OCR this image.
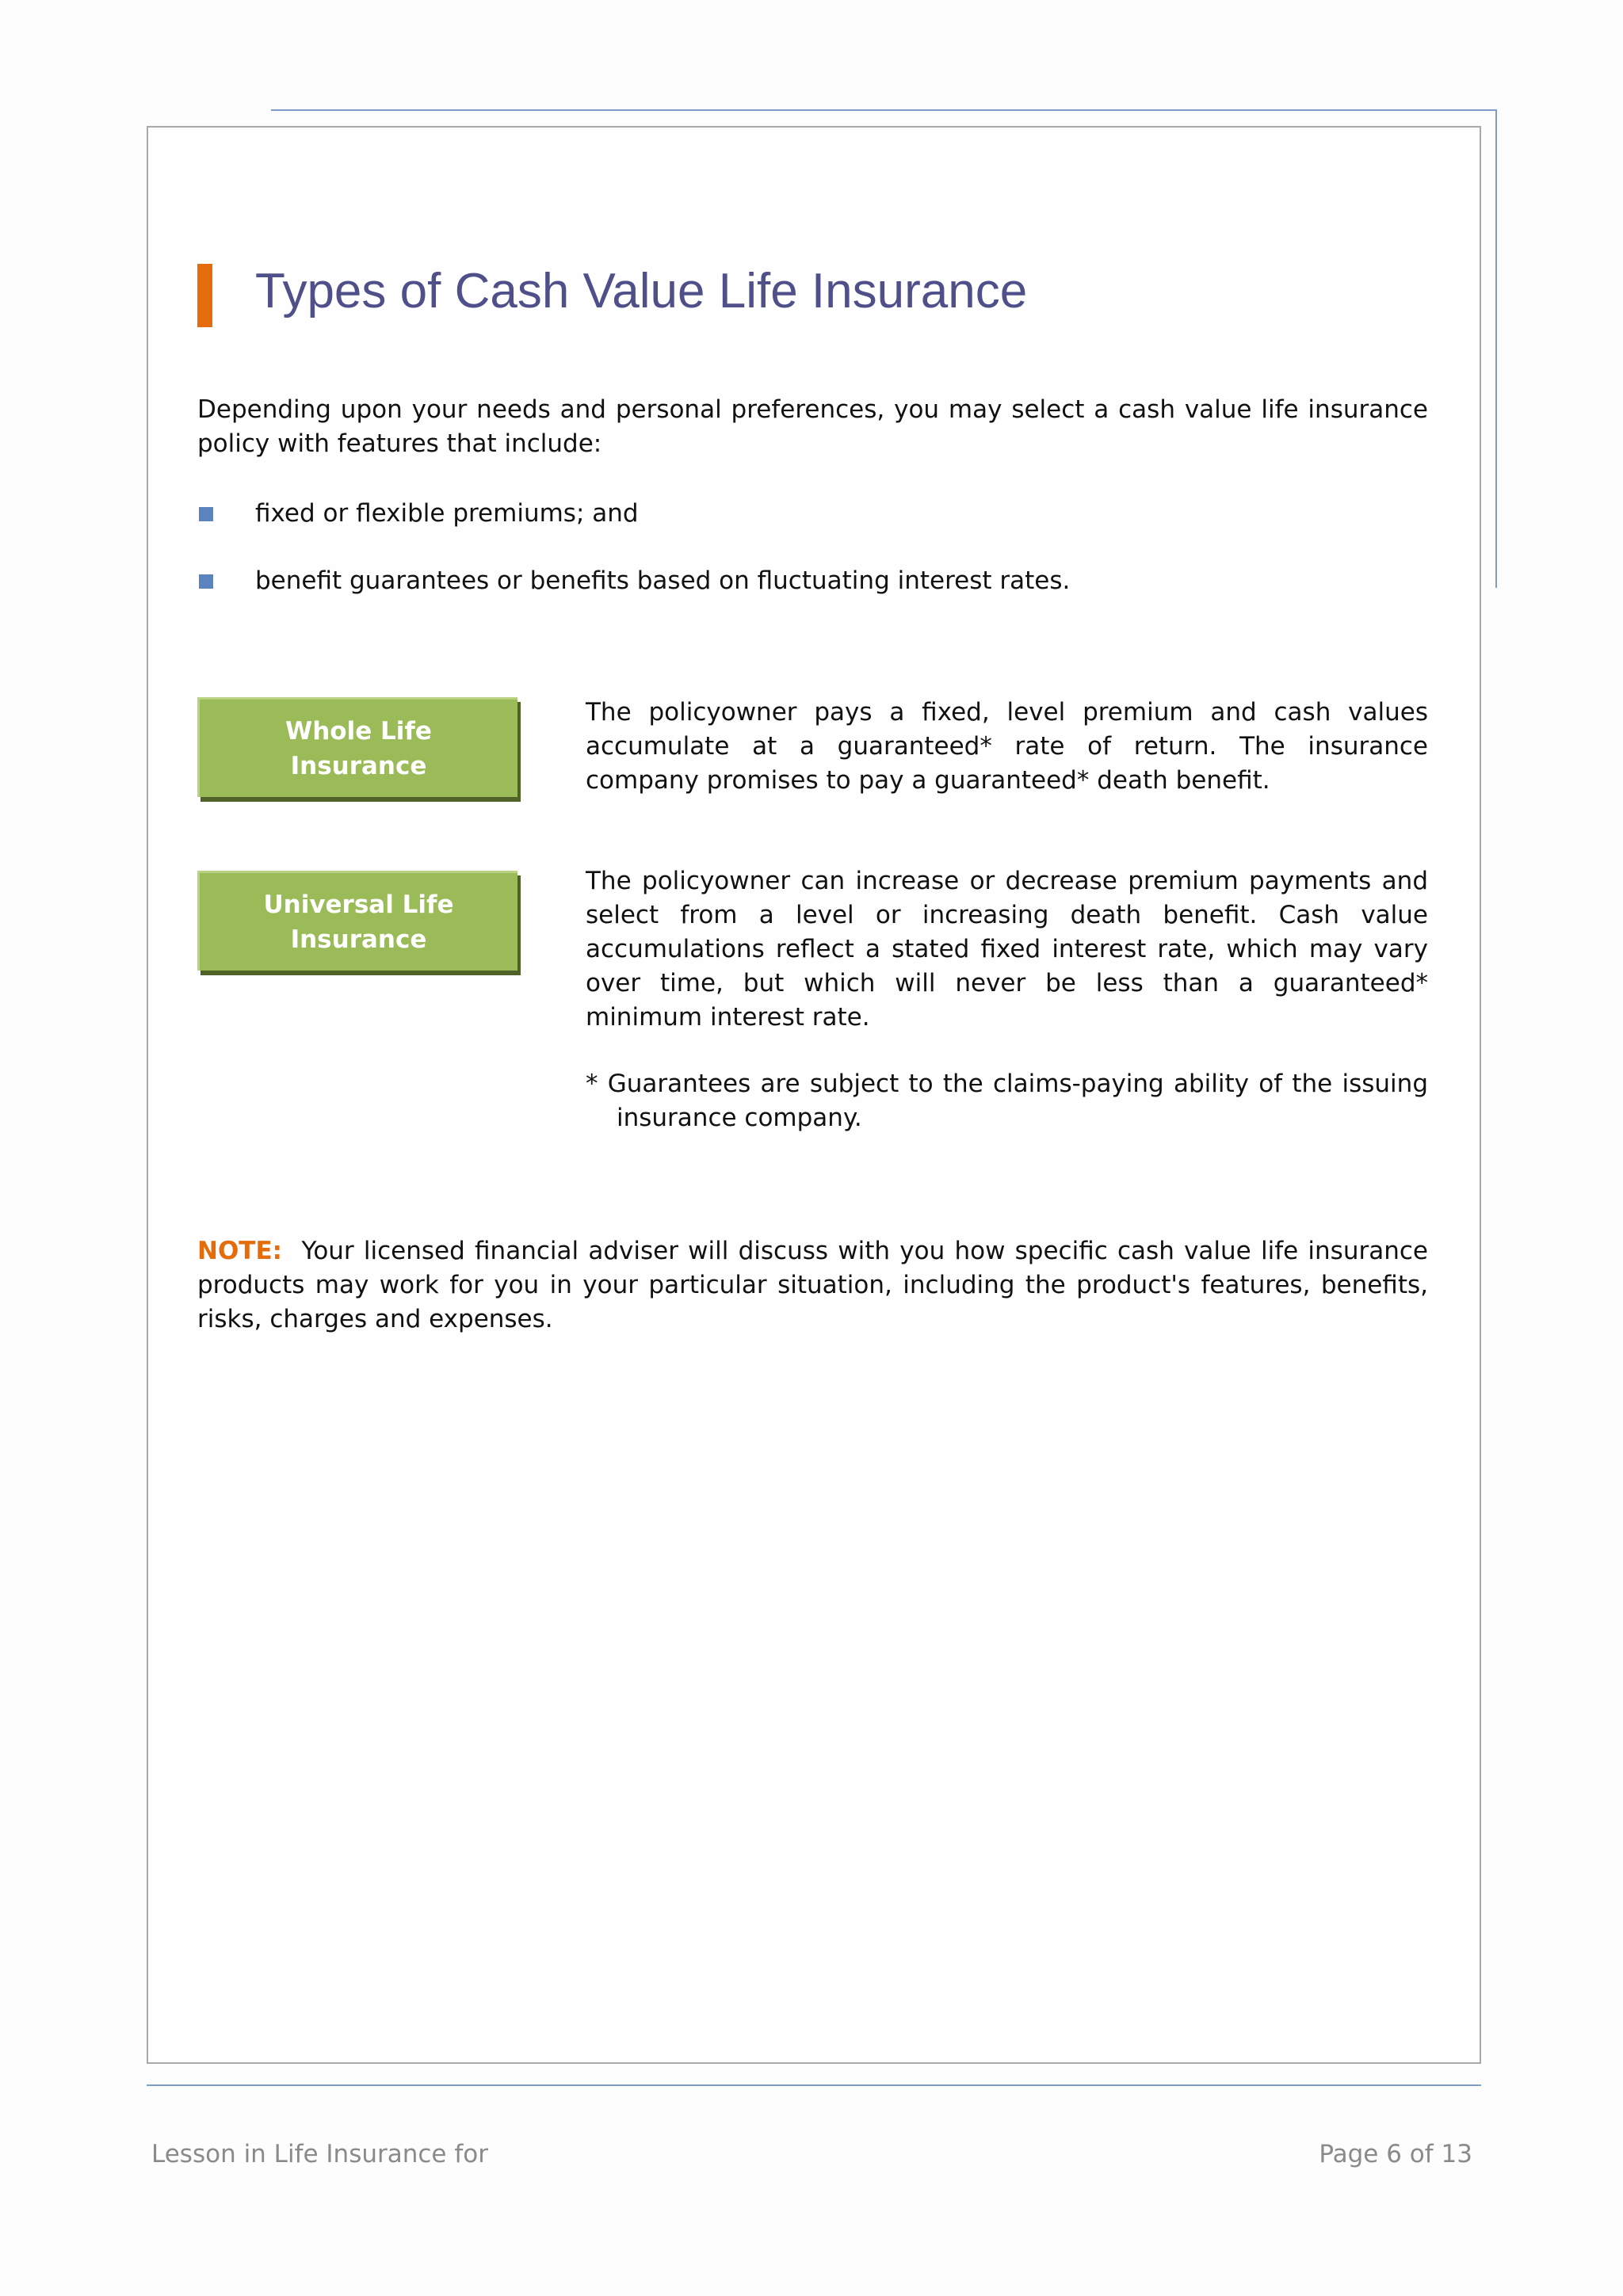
Types of Cash Value Life Insurance

Depending upon your needs and personal preferences, you may select a cash value life insurance policy with features that include:

fixed or flexible premiums; and
benefit guarantees or benefits based on fluctuating interest rates.
Whole Life
Insurance

The policyowner pays a fixed, level premium and cash values accumulate at a guaranteed* rate of return. The insurance company promises to pay a guaranteed* death benefit.

Universal Life
Insurance

The policyowner can increase or decrease premium payments and select from a level or increasing death benefit. Cash value accumulations reflect a stated fixed interest rate, which may vary over time, but which will never be less than a guaranteed* minimum interest rate.

* Guarantees are subject to the claims-paying ability of the issuing
insurance company.

NOTE: Your licensed financial adviser will discuss with you how specific cash value life insurance products may work for you in your particular situation, including the product's features, benefits, risks, charges and expenses.

Lesson in Life Insurance for	Page 6 of 13
